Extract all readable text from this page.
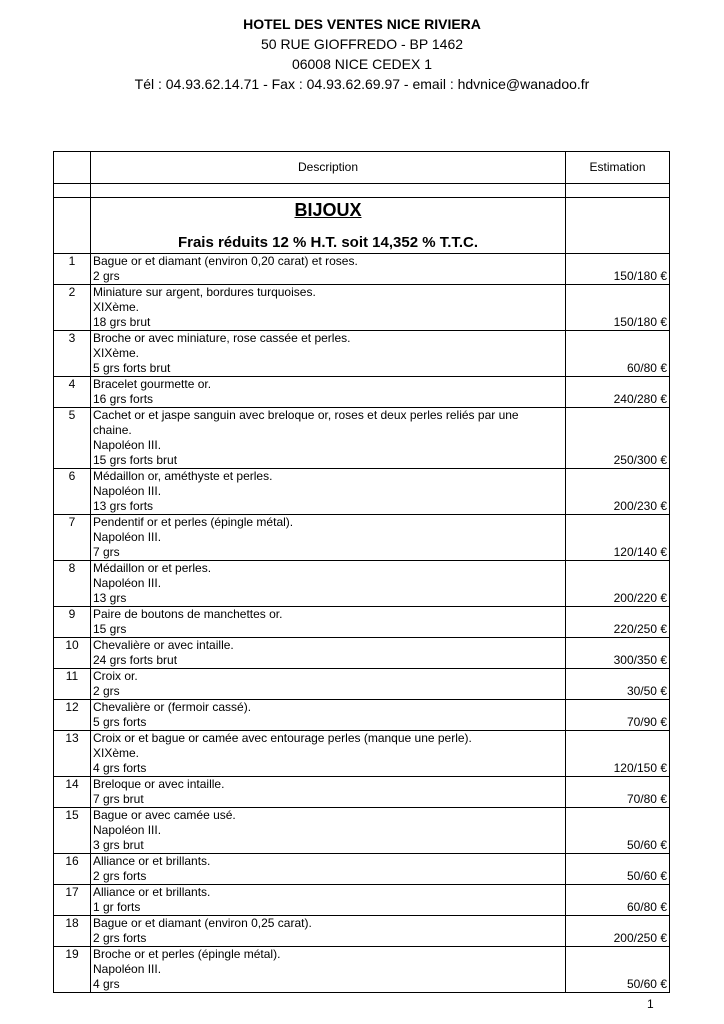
HOTEL DES VENTES NICE RIVIERA
50 RUE GIOFFREDO - BP 1462
06008 NICE CEDEX 1
Tél : 04.93.62.14.71 - Fax : 04.93.62.69.97 - email : hdvnice@wanadoo.fr
	Description	Estimation

	BIJOUX
Frais réduits 12 % H.T. soit 14,352 % T.T.C.	

1	Bague or et diamant (environ 0,20 carat) et roses.
2 grs	150/180 €
2	Miniature sur argent, bordures turquoises.
XIXème.
18 grs brut	150/180 €
3	Broche or avec miniature, rose cassée et perles.
XIXème.
5 grs forts brut	60/80 €
4	Bracelet gourmette or.
16 grs forts	240/280 €
5	Cachet or et jaspe sanguin avec breloque or, roses et deux perles reliés par une
chaine.
Napoléon III.
15 grs forts brut	250/300 €
6	Médaillon or, améthyste et perles.
Napoléon III.
13 grs forts	200/230 €
7	Pendentif or et perles (épingle métal).
Napoléon III.
7 grs	120/140 €
8	Médaillon or et perles.
Napoléon III.
13 grs	200/220 €
9	Paire de boutons de manchettes or.
15 grs	220/250 €
10	Chevalière or avec intaille.
24 grs forts brut	300/350 €
11	Croix or.
2 grs	30/50 €
12	Chevalière or (fermoir cassé).
5 grs forts	70/90 €
13	Croix or et bague or camée avec entourage perles (manque une perle).
XIXème.
4 grs forts	120/150 €
14	Breloque or avec intaille.
7 grs brut	70/80 €
15	Bague or avec camée usé.
Napoléon III.
3 grs brut	50/60 €
16	Alliance or et brillants.
2 grs forts	50/60 €
17	Alliance or et brillants.
1 gr forts	60/80 €
18	Bague or et diamant (environ 0,25 carat).
2 grs forts	200/250 €
19	Broche or et perles (épingle métal).
Napoléon III.
4 grs	50/60 €
1
